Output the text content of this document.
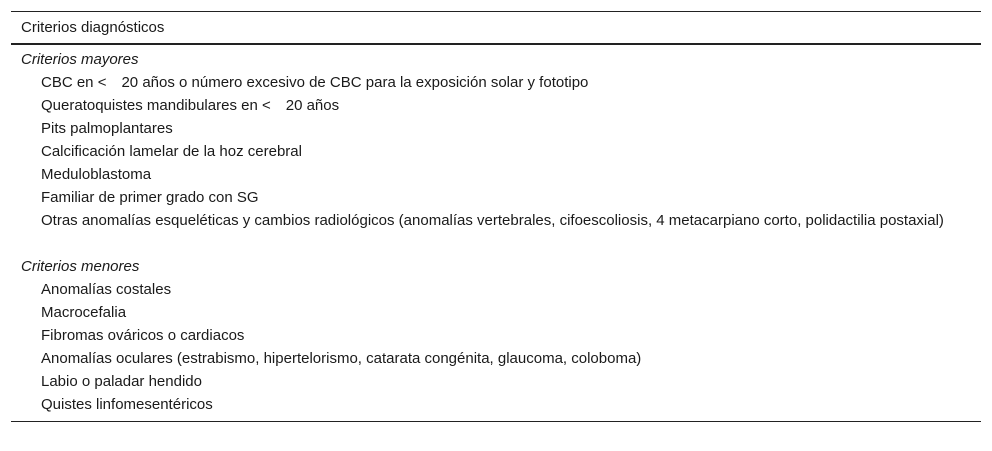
Criterios diagnósticos
Criterios mayores
CBC en <     20 años o número excesivo de CBC para la exposición solar y fototipo
Queratoquistes mandibulares en <     20 años
Pits palmoplantares
Calcificación lamelar de la hoz cerebral
Meduloblastoma
Familiar de primer grado con SG
Otras anomalías esqueléticas y cambios radiológicos (anomalías vertebrales, cifoescoliosis, 4 metacarpiano corto, polidactilia postaxial)
Criterios menores
Anomalías costales
Macrocefalia
Fibromas ováricos o cardiacos
Anomalías oculares (estrabismo, hipertelorismo, catarata congénita, glaucoma, coloboma)
Labio o paladar hendido
Quistes linfomesentéricos
